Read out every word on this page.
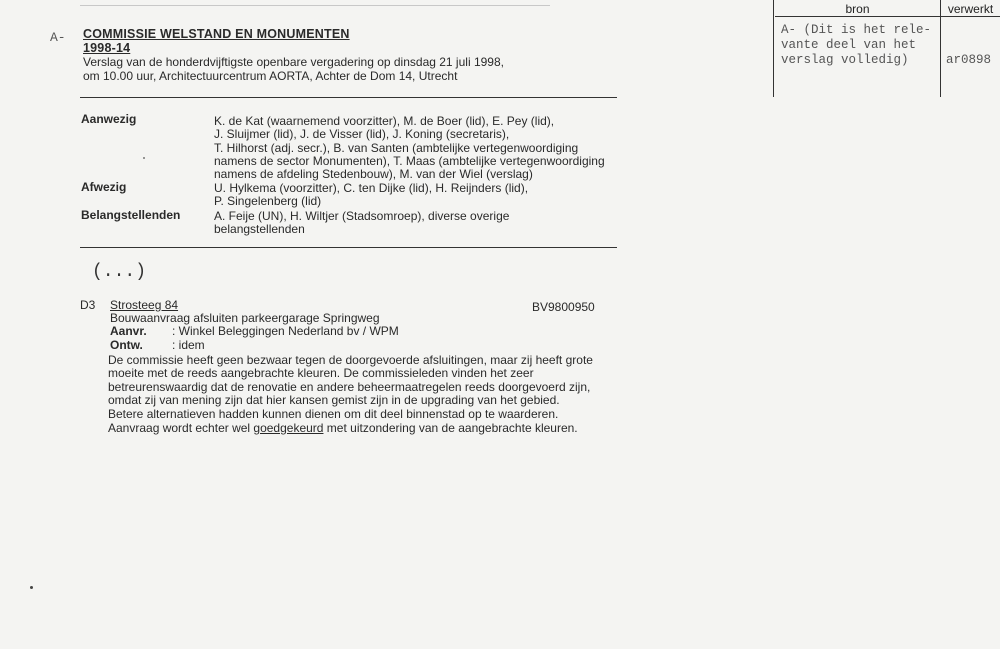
bron	verwerkt
A- (Dit is het rele-
vante deel van het
verslag volledig)	ar0898
A- COMMISSIE WELSTAND EN MONUMENTEN
1998-14
Verslag van de honderdvijftigste openbare vergadering op dinsdag 21 juli 1998,
om 10.00 uur, Architectuurcentrum AORTA, Achter de Dom 14, Utrecht
Aanwezig	K. de Kat (waarnemend voorzitter), M. de Boer (lid), E. Pey (lid),
J. Sluijmer (lid), J. de Visser (lid), J. Koning (secretaris),
T. Hilhorst (adj. secr.), B. van Santen (ambtelijke vertegenwoordiging
namens de sector Monumenten), T. Maas (ambtelijke vertegenwoordiging
namens de afdeling Stedenbouw), M. van der Wiel (verslag)
Afwezig	U. Hylkema (voorzitter), C. ten Dijke (lid), H. Reijnders (lid),
P. Singelenberg (lid)
Belangstellenden	A. Feije (UN), H. Wiltjer (Stadsomroep), diverse overige
belangstellenden
(...)
D3 Strosteeg 84	BV9800950
Bouwaanvraag afsluiten parkeergarage Springweg
Aanvr. : Winkel Beleggingen Nederland bv / WPM
Ontw. : idem
De commissie heeft geen bezwaar tegen de doorgevoerde afsluitingen, maar zij heeft grote
moeite met de reeds aangebrachte kleuren. De commissieleden vinden het zeer
betreurenswaardig dat de renovatie en andere beheermaatregelen reeds doorgevoerd zijn,
omdat zij van mening zijn dat hier kansen gemist zijn in de upgrading van het gebied.
Betere alternatieven hadden kunnen dienen om dit deel binnenstad op te waarderen.
Aanvraag wordt echter wel goedgekeurd met uitzondering van de aangebrachte kleuren.
